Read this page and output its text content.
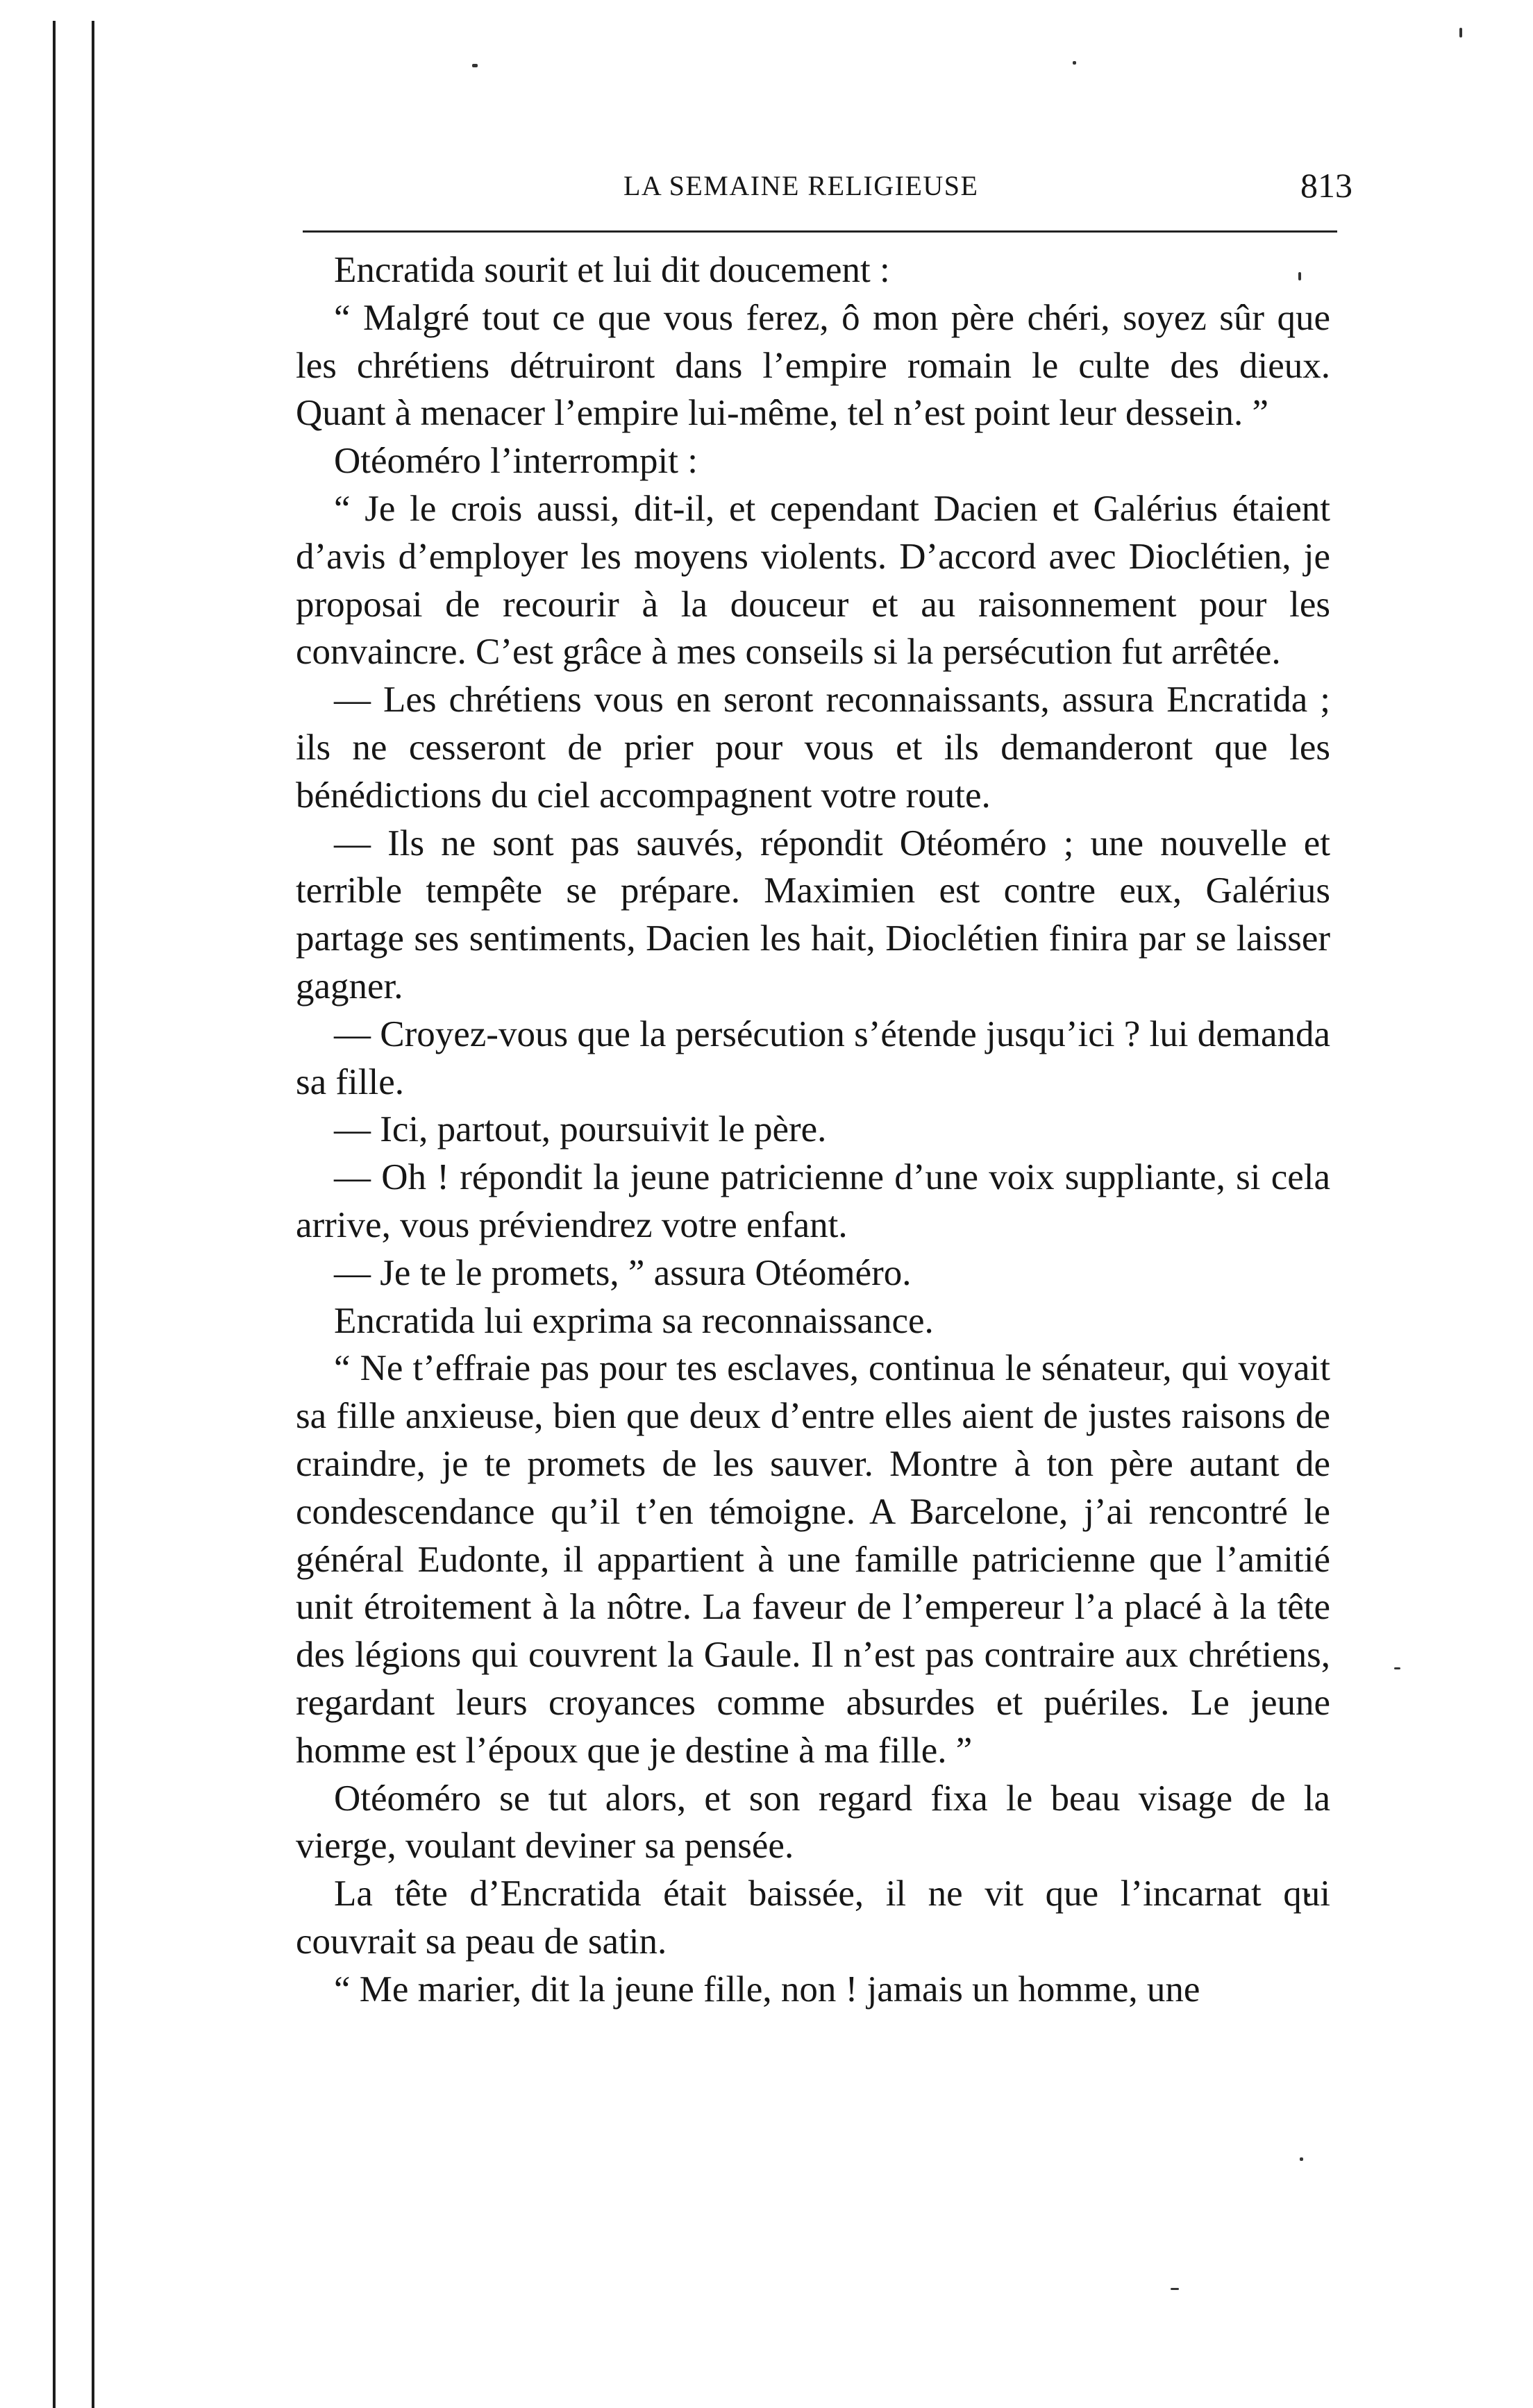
LA SEMAINE RELIGIEUSE	813

Encratida sourit et lui dit doucement :

“ Malgré tout ce que vous ferez, ô mon père chéri, soyez sûr que les chrétiens détruiront dans l’empire romain le culte des dieux. Quant à menacer l’empire lui-même, tel n’est point leur dessein. ”

Otéoméro l’interrompit :

“ Je le crois aussi, dit-il, et cependant Dacien et Galérius étaient d’avis d’employer les moyens violents. D’accord avec Dioclétien, je proposai de recourir à la douceur et au raisonnement pour les convaincre. C’est grâce à mes conseils si la persécution fut arrêtée.

— Les chrétiens vous en seront reconnaissants, assura Encratida ; ils ne cesseront de prier pour vous et ils demanderont que les bénédictions du ciel accompagnent votre route.

— Ils ne sont pas sauvés, répondit Otéoméro ; une nouvelle et terrible tempête se prépare. Maximien est contre eux, Galérius partage ses sentiments, Dacien les hait, Dioclétien finira par se laisser gagner.

— Croyez-vous que la persécution s’étende jusqu’ici ? lui demanda sa fille.

— Ici, partout, poursuivit le père.

— Oh ! répondit la jeune patricienne d’une voix suppliante, si cela arrive, vous préviendrez votre enfant.

— Je te le promets, ” assura Otéoméro.

Encratida lui exprima sa reconnaissance.

“ Ne t’effraie pas pour tes esclaves, continua le sénateur, qui voyait sa fille anxieuse, bien que deux d’entre elles aient de justes raisons de craindre, je te promets de les sauver. Montre à ton père autant de condescendance qu’il t’en témoigne. A Barcelone, j’ai rencontré le général Eudonte, il appartient à une famille patricienne que l’amitié unit étroitement à la nôtre. La faveur de l’empereur l’a placé à la tête des légions qui couvrent la Gaule. Il n’est pas contraire aux chrétiens, regardant leurs croyances comme absurdes et puériles. Le jeune homme est l’époux que je destine à ma fille. ”

Otéoméro se tut alors, et son regard fixa le beau visage de la vierge, voulant deviner sa pensée.

La tête d’Encratida était baissée, il ne vit que l’incarnat qui couvrait sa peau de satin.

“ Me marier, dit la jeune fille, non ! jamais un homme, une
